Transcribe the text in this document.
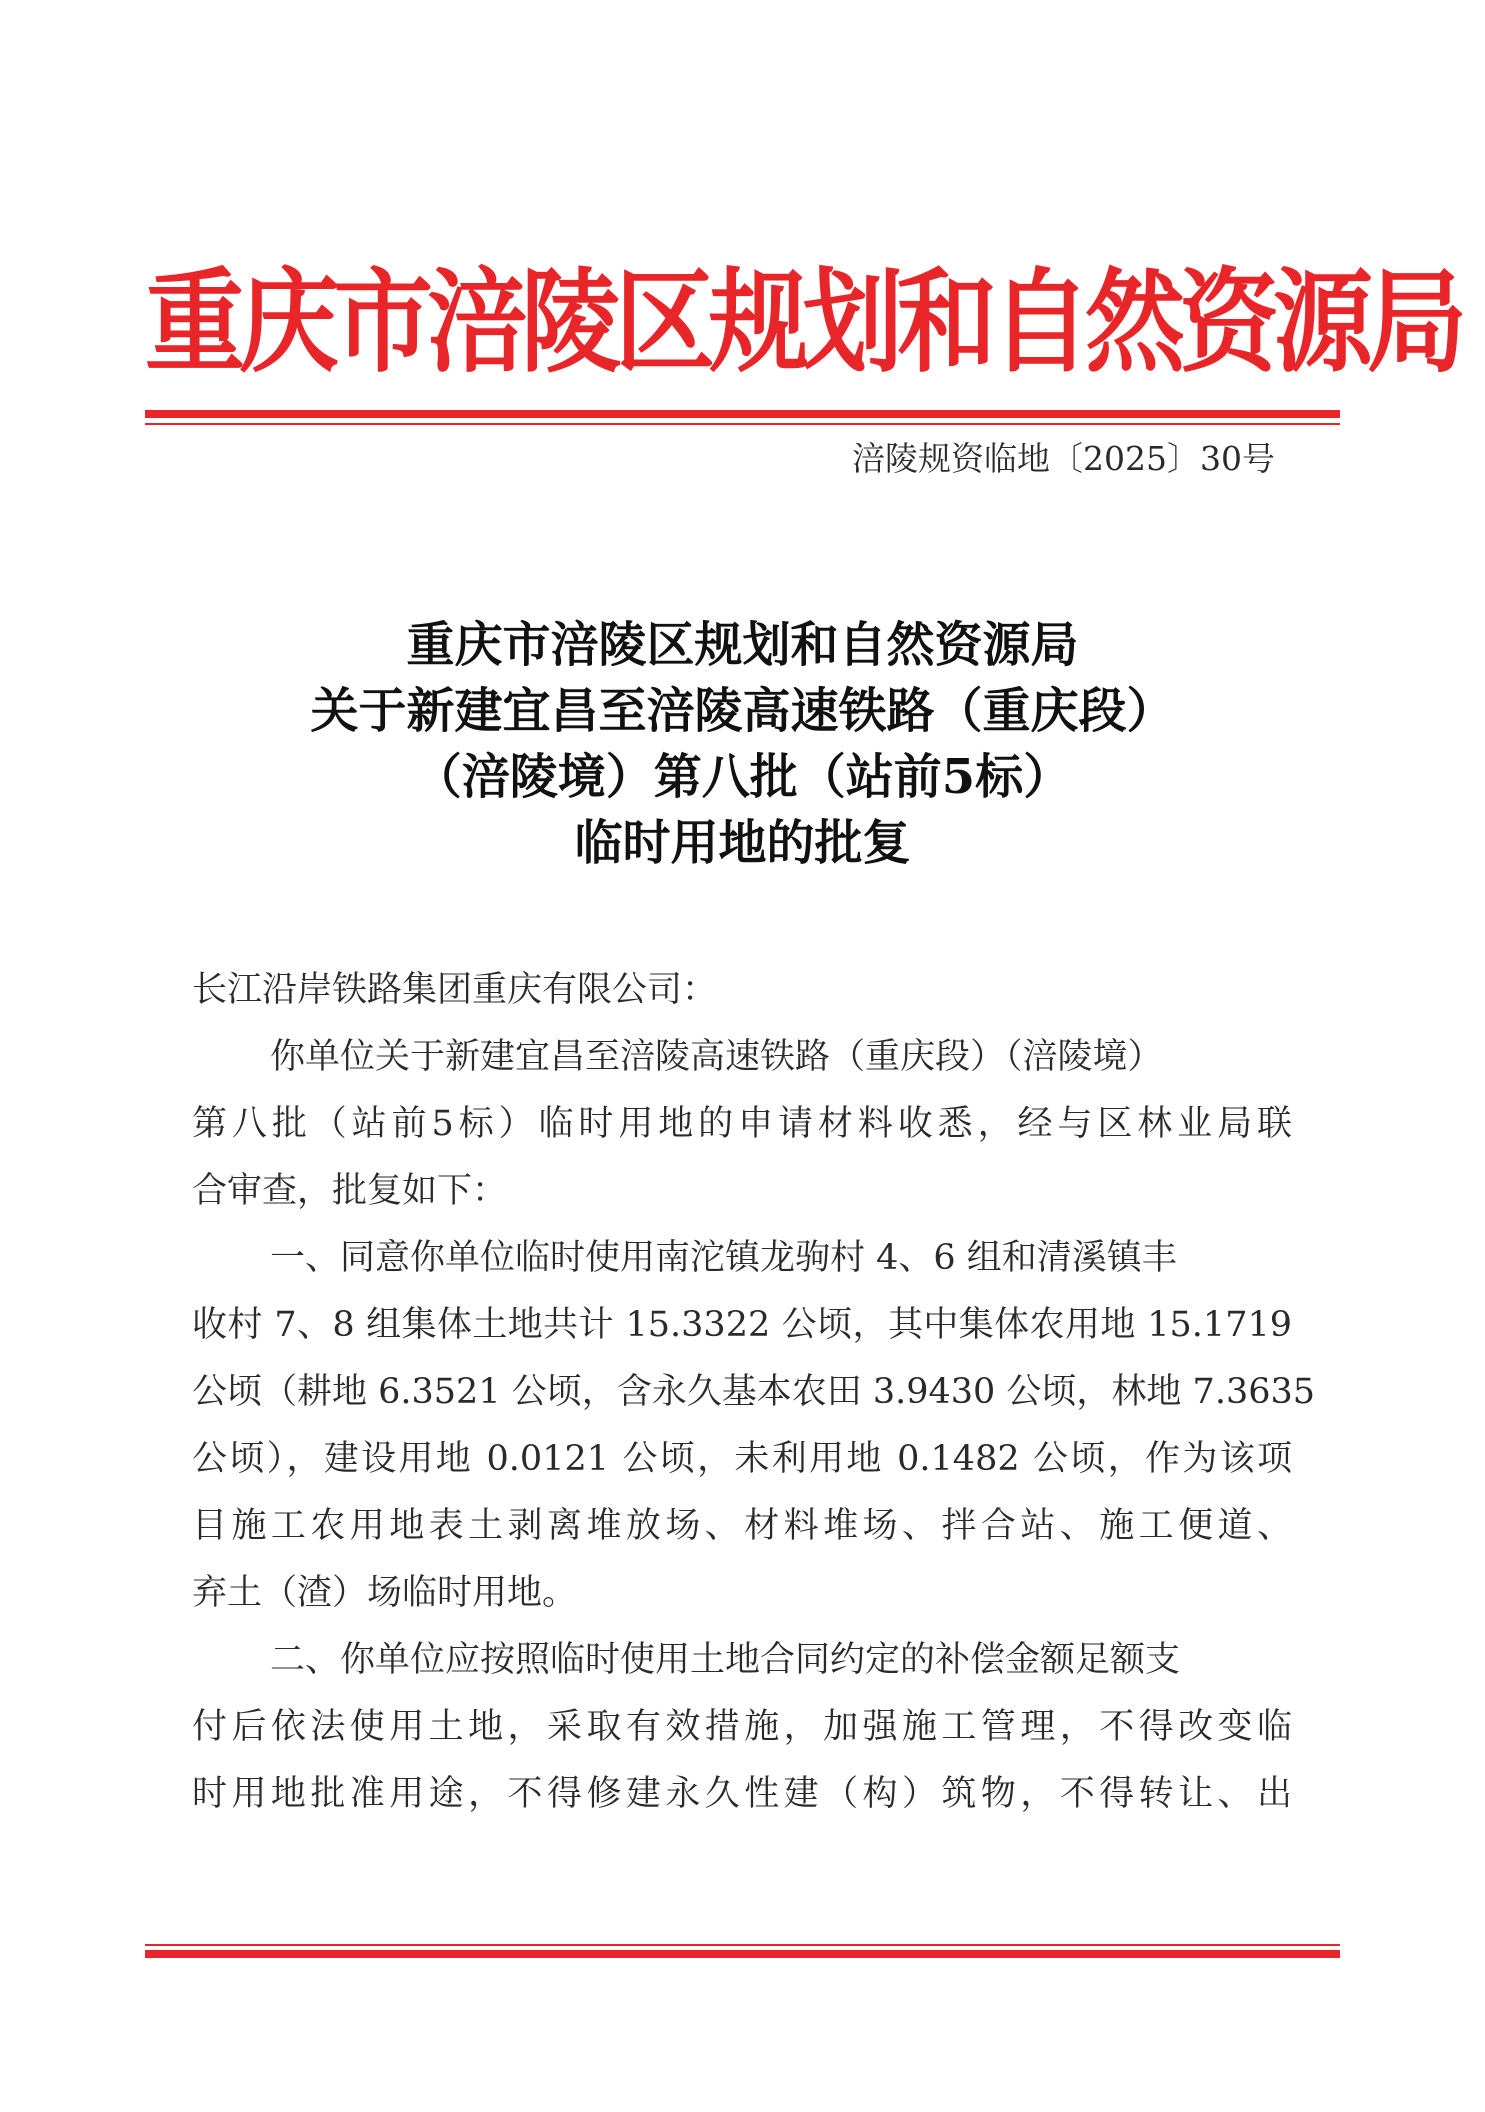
重庆市涪陵区规划和自然资源局
涪陵规资临地〔2025〕30号
重庆市涪陵区规划和自然资源局
关于新建宜昌至涪陵高速铁路（重庆段）
（涪陵境）第八批（站前5标）
临时用地的批复
长江沿岸铁路集团重庆有限公司：
你单位关于新建宜昌至涪陵高速铁路（重庆段）（涪陵境）
第八批（站前5标）临时用地的申请材料收悉，经与区林业局联
合审查，批复如下：
一、同意你单位临时使用南沱镇龙驹村 4、6 组和清溪镇丰
收村 7、8 组集体土地共计 15.3322 公顷，其中集体农用地 15.1719
公顷（耕地 6.3521 公顷，含永久基本农田 3.9430 公顷，林地 7.3635
公顷），建设用地 0.0121 公顷，未利用地 0.1482 公顷，作为该项
目施工农用地表土剥离堆放场、材料堆场、拌合站、施工便道、
弃土（渣）场临时用地。
二、你单位应按照临时使用土地合同约定的补偿金额足额支
付后依法使用土地，采取有效措施，加强施工管理，不得改变临
时用地批准用途，不得修建永久性建（构）筑物，不得转让、出
